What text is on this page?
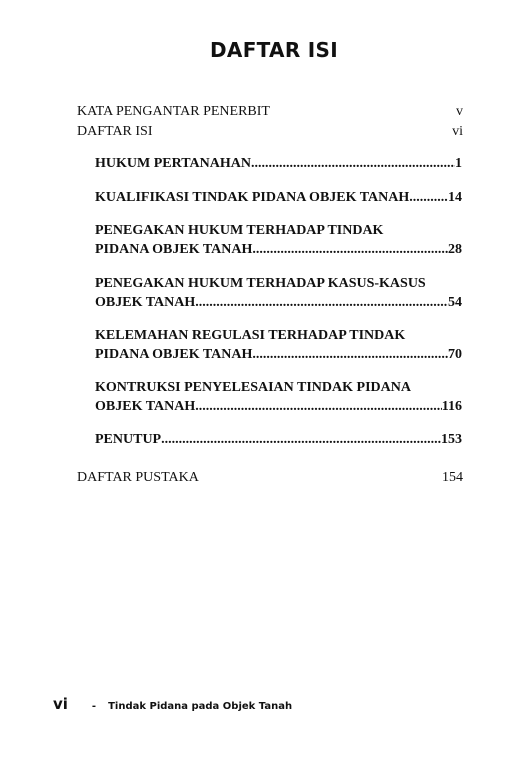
DAFTAR ISI
KATA PENGANTAR PENERBIT	v
DAFTAR ISI	vi
HUKUM PERTANAHAN .....	1
KUALIFIKASI TINDAK PIDANA OBJEK TANAH .....	14
PENEGAKAN HUKUM TERHADAP TINDAK
PIDANA OBJEK TANAH .....	28
PENEGAKAN HUKUM TERHADAP KASUS-KASUS
OBJEK TANAH .....	54
KELEMAHAN REGULASI TERHADAP TINDAK
PIDANA OBJEK TANAH. .....	70
KONTRUKSI PENYELESAIAN TINDAK PIDANA
OBJEK TANAH .....	116
PENUTUP .....	153
DAFTAR PUSTAKA	154
vi - Tindak Pidana pada Objek Tanah
